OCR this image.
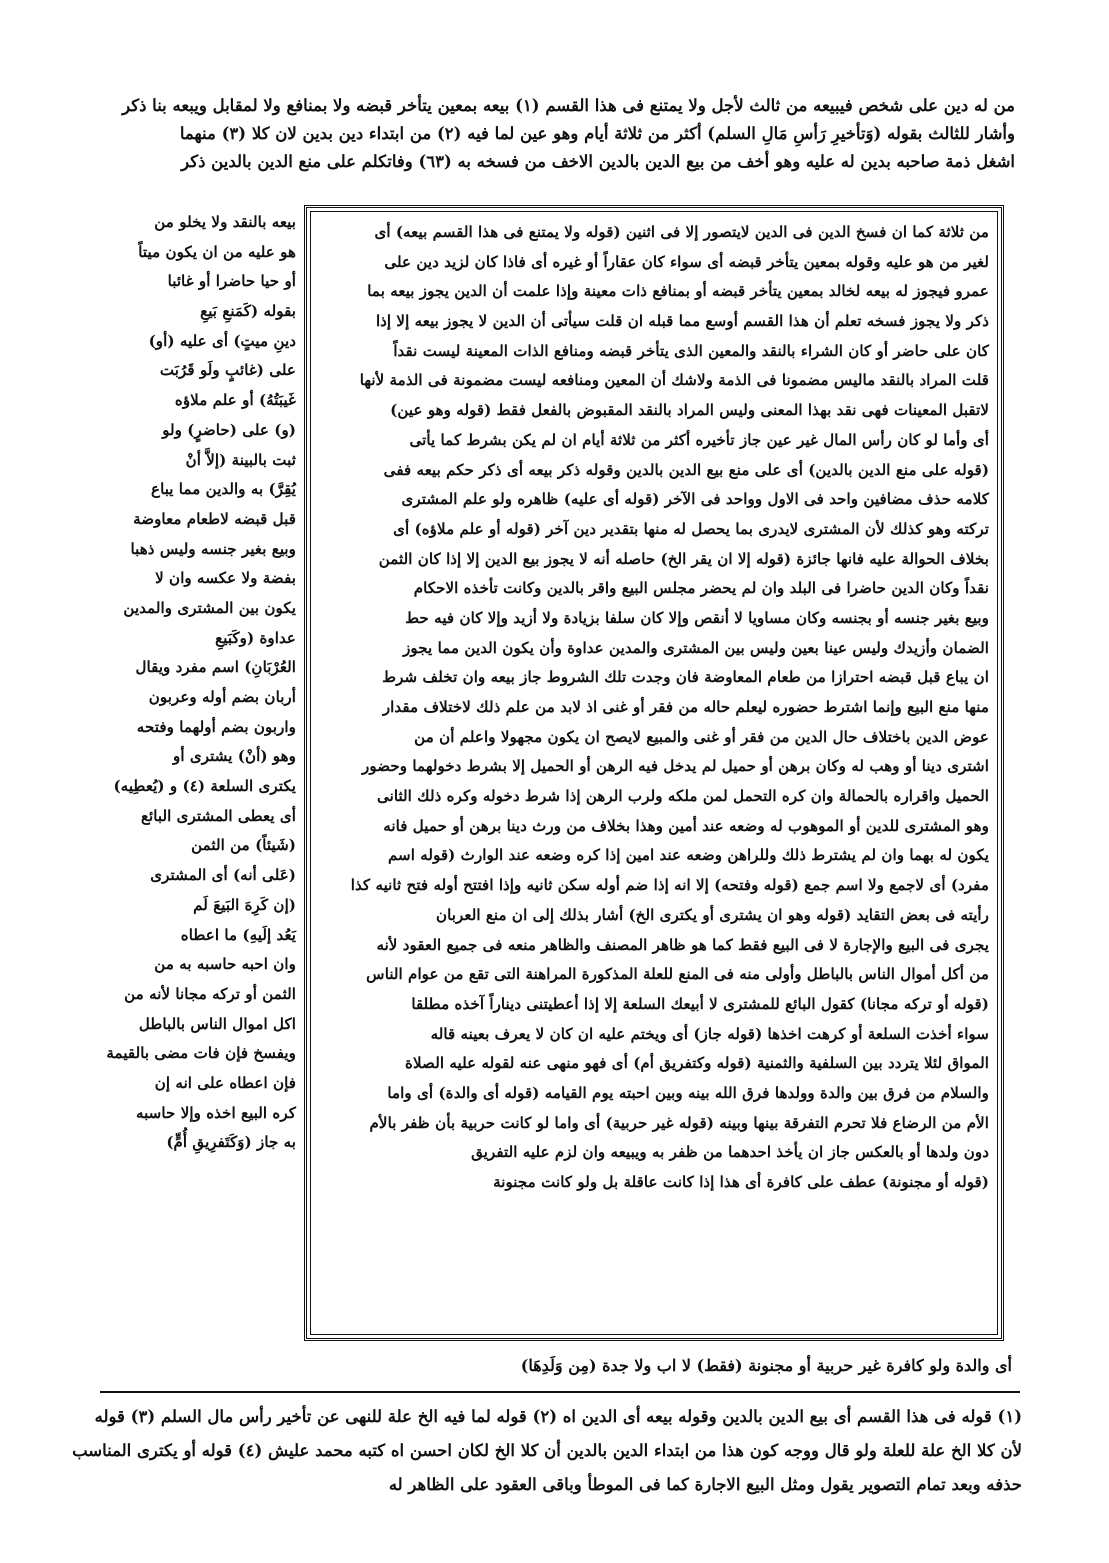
من له دين على شخص فيبيعه من ثالث لأجل ولا يمتنع فى هذا القسم (١) بيعه بمعين يتأخر قبضه ولا بمنافع ولا لمقابل ويبعه بنا ذكر
وأشار للثالث بقوله (وَتأخيرِ رَأسِ مَالِ السلم) أكثر من ثلاثة أيام وهو عين لما فيه (٢) من ابتداء دين بدين لان كلا (٣) منهما
اشغل ذمة صاحبه بدين له عليه وهو أخف من بيع الدين بالدين الاخف من فسخه به (٦٣) وفاتكلم على منع الدين بالدين ذكر
من ثلاثة كما ان فسخ الدين فى الدين لايتصور إلا فى اثنين (قوله ولا يمتنع فى هذا القسم بيعه) أى
لغير من هو عليه وقوله بمعين يتأخر قبضه أى سواء كان عقاراً أو غيره أى فاذا كان لزيد دين على
عمرو فيجوز له بيعه لخالد بمعين يتأخر قبضه أو بمنافع ذات معينة وإذا علمت أن الدين يجوز بيعه بما
ذكر ولا يجوز فسخه تعلم أن هذا القسم أوسع مما قبله ان قلت سيأتى أن الدين لا يجوز بيعه إلا إذا
كان على حاضر أو كان الشراء بالنقد والمعين الذى يتأخر قبضه ومنافع الذات المعينة ليست نقداً
قلت المراد بالنقد ماليس مضمونا فى الذمة ولاشك أن المعين ومنافعه ليست مضمونة فى الذمة لأنها
لاتقبل المعينات فهى نقد بهذا المعنى وليس المراد بالنقد المقبوض بالفعل فقط (قوله وهو عين)
أى وأما لو كان رأس المال غير عين جاز تأخيره أكثر من ثلاثة أيام ان لم يكن بشرط كما يأتى
(قوله على منع الدين بالدين) أى على منع بيع الدين بالدين وقوله ذكر بيعه أى ذكر حكم بيعه ففى
كلامه حذف مضافين واحد فى الاول وواحد فى الآخر (قوله أى عليه) ظاهره ولو علم المشترى
تركته وهو كذلك لأن المشترى لايدرى بما يحصل له منها بتقدير دين آخر (قوله أو علم ملاؤه) أى
بخلاف الحوالة عليه فانها جائزة (قوله إلا ان يقر الخ) حاصله أنه لا يجوز بيع الدين إلا إذا كان الثمن
نقداً وكان الدين حاضرا فى البلد وان لم يحضر مجلس البيع واقر بالدين وكانت تأخذه الاحكام
وبيع بغير جنسه أو بجنسه وكان مساويا لا أنقص وإلا كان سلفا بزيادة ولا أزيد وإلا كان فيه حط
الضمان وأزيدك وليس عينا بعين وليس بين المشترى والمدين عداوة وأن يكون الدين مما يجوز
ان يباع قبل قبضه احترازا من طعام المعاوضة فان وجدت تلك الشروط جاز بيعه وان تخلف شرط
منها منع البيع وإنما اشترط حضوره ليعلم حاله من فقر أو غنى اذ لابد من علم ذلك لاختلاف مقدار
عوض الدين باختلاف حال الدين من فقر أو غنى والمبيع لايصح ان يكون مجهولا واعلم أن من
اشترى دينا أو وهب له وكان برهن أو حميل لم يدخل فيه الرهن أو الحميل إلا بشرط دخولهما وحضور
الحميل واقراره بالحمالة وان كره التحمل لمن ملكه ولرب الرهن إذا شرط دخوله وكره ذلك الثانى
وهو المشترى للدين أو الموهوب له وضعه عند أمين وهذا بخلاف من ورث دينا برهن أو حميل فانه
يكون له بهما وان لم يشترط ذلك وللراهن وضعه عند امين إذا كره وضعه عند الوارث (قوله اسم
مفرد) أى لاجمع ولا اسم جمع (قوله وفتحه) إلا انه إذا ضم أوله سكن ثانيه وإذا افتتح أوله فتح ثانيه كذا
رأيته فى بعض التقايد (قوله وهو ان يشترى أو يكترى الخ) أشار بذلك إلى ان منع العربان
يجرى فى البيع والإجارة لا فى البيع فقط كما هو ظاهر المصنف والظاهر منعه فى جميع العقود لأنه
من أكل أموال الناس بالباطل وأولى منه فى المنع للعلة المذكورة المراهنة التى تقع من عوام الناس
(قوله أو تركه مجانا) كقول البائع للمشترى لا أبيعك السلعة إلا إذا أعطيتنى ديناراً آخذه مطلقا
سواء أخذت السلعة أو كرهت اخذها (قوله جاز) أى ويختم عليه ان كان لا يعرف بعينه قاله
المواق لئلا يتردد بين السلفية والثمنية (قوله وكتفريق أم) أى فهو منهى عنه لقوله عليه الصلاة
والسلام من فرق بين والدة وولدها فرق الله بينه وبين احبته يوم القيامه (قوله أى والدة) أى واما
الأم من الرضاع فلا تحرم التفرقة بينها وبينه (قوله غير حربية) أى واما لو كانت حربية بأن ظفر بالأم
دون ولدها أو بالعكس جاز ان يأخذ احدهما من ظفر به ويبيعه وان لزم عليه التفريق
(قوله أو مجنونة) عطف على كافرة أى هذا إذا كانت عاقلة بل ولو كانت مجنونة
بيعه بالنقد ولا يخلو من
هو عليه من ان يكون ميتاً
أو حيا حاضرا أو غائبا
بقوله (كَمَنعِ بَيعِ
دينِ ميتٍ) أى عليه (أو)
على (غائبٍ ولَو قَرُبَت
غَيبَتُهُ) أو علم ملاؤه
(و) على (حاضرٍ) ولو
ثبت بالبينة (إلاَّ أنْ
يُقِرَّ) به والدين مما يباع
قبل قبضه لاطعام معاوضة
وبيع بغير جنسه وليس ذهبا
بفضة ولا عكسه وان لا
يكون بين المشترى والمدين
عداوة (وكَبَيعِ
العُرْبَانِ) اسم مفرد ويقال
أربان بضم أوله وعربون
واربون بضم أولهما وفتحه
وهو (أنْ) يشترى أو
يكترى السلعة (٤) و (يُعطِيه)
أى يعطى المشترى البائع
(شَيئاً) من الثمن
(عَلى أنه) أى المشترى
(إن كَرِهَ البَيعَ لَم
يَعُد إلَيهِ) ما اعطاه
وان احبه حاسبه به من
الثمن أو تركه مجانا لأنه من
اكل اموال الناس بالباطل
ويفسخ فإن فات مضى بالقيمة
فإن اعطاه على انه إن
كره البيع اخذه وإلا حاسبه
به جاز (وَكَتَفرِيقِ أُمٍّ)
أى والدة ولو كافرة غير حربية أو مجنونة (فقط) لا اب ولا جدة (مِن وَلَدِهَا)
(١) قوله فى هذا القسم أى بيع الدين بالدين وقوله بيعه أى الدين اه (٢) قوله لما فيه الخ علة للنهى عن تأخير رأس مال السلم (٣) قوله
لأن كلا الخ علة للعلة ولو قال ووجه كون هذا من ابتداء الدين بالدين أن كلا الخ لكان احسن اه كتبه محمد عليش (٤) قوله أو يكترى المناسب
حذفه وبعد تمام التصوير يقول ومثل البيع الاجارة كما فى الموطأ وباقى العقود على الظاهر له
